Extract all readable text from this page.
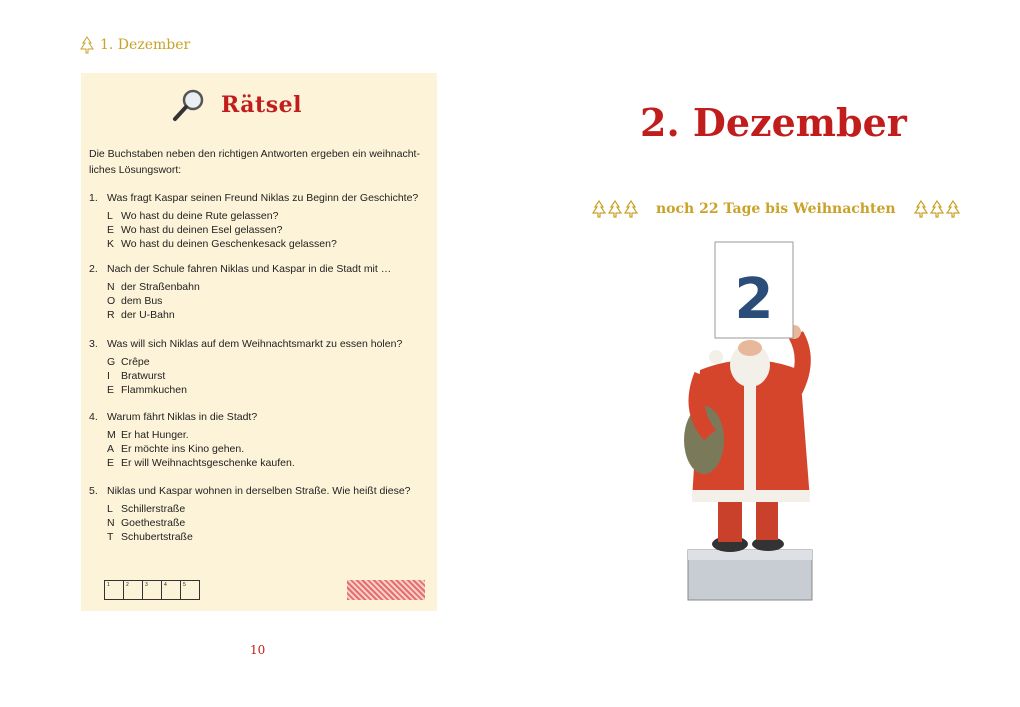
1. Dezember
Rätsel
Die Buchstaben neben den richtigen Antworten ergeben ein weihnacht-liches Lösungswort:
1. Was fragt Kaspar seinen Freund Niklas zu Beginn der Geschichte?
L Wo hast du deine Rute gelassen?
E Wo hast du deinen Esel gelassen?
K Wo hast du deinen Geschenkesack gelassen?
2. Nach der Schule fahren Niklas und Kaspar in die Stadt mit …
N der Straßenbahn
O dem Bus
R der U-Bahn
3. Was will sich Niklas auf dem Weihnachtsmarkt zu essen holen?
G Crêpe
I	Bratwurst
E Flammkuchen
4. Warum fährt Niklas in die Stadt?
M Er hat Hunger.
A Er möchte ins Kino gehen.
E Er will Weihnachtsgeschenke kaufen.
5. Niklas und Kaspar wohnen in derselben Straße. Wie heißt diese?
L Schillerstraße
N Goethestraße
T Schubertstraße
1	2	3	4	5
10
2. Dezember
noch 22 Tage bis Weihnachten
2
